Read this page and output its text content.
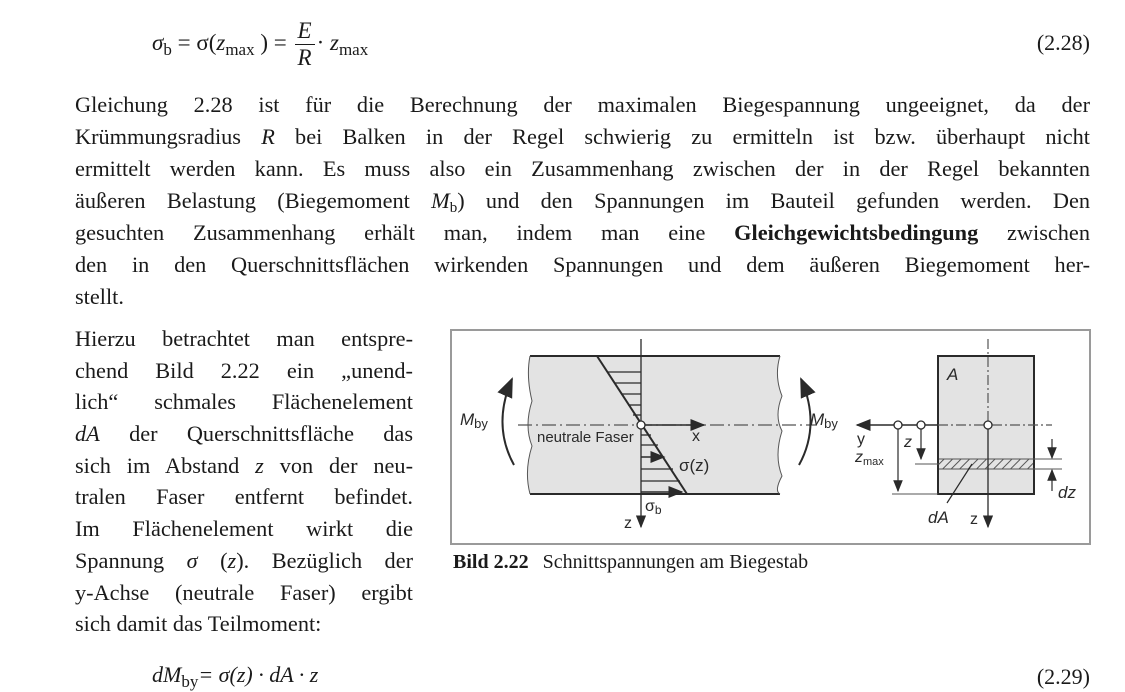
$\sigma_b = \sigma(z_{max}$ ) = $\frac{E}{R} \cdot z_{max}$	(2.28)
Gleichung 2.28 ist für die Berechnung der maximalen Biegespannung ungeeignet, da der
Krümmungsradius R bei Balken in der Regel schwierig zu ermitteln ist bzw. überhaupt nicht
ermittelt werden kann. Es muss also ein Zusammenhang zwischen der in der Regel bekannten
äußeren Belastung (Biegemoment Mb) und den Spannungen im Bauteil gefunden werden. Den
gesuchten Zusammenhang erhält man, indem man eine Gleichgewichtsbedingung zwischen
den in den Querschnittsflächen wirkenden Spannungen und dem äußeren Biegemoment her-
stellt.
Hierzu betrachtet man entspre-
chend Bild 2.22 ein „unend-
lich“ schmales Flächenelement
dA der Querschnittsfläche das
sich im Abstand z von der neu-
tralen Faser entfernt befindet.
Im Flächenelement wirkt die
Spannung σ (z). Bezüglich der
y-Achse (neutrale Faser) ergibt
sich damit das Teilmoment:
Mby
neutrale Faser	x
σ(z)
σb
z
Mby
A
y z
zmax
dz
dA z
Bild 2.22 Schnittspannungen am Biegestab
$dM_{by}= \sigma(z)$ · dA · z	(2.29)
